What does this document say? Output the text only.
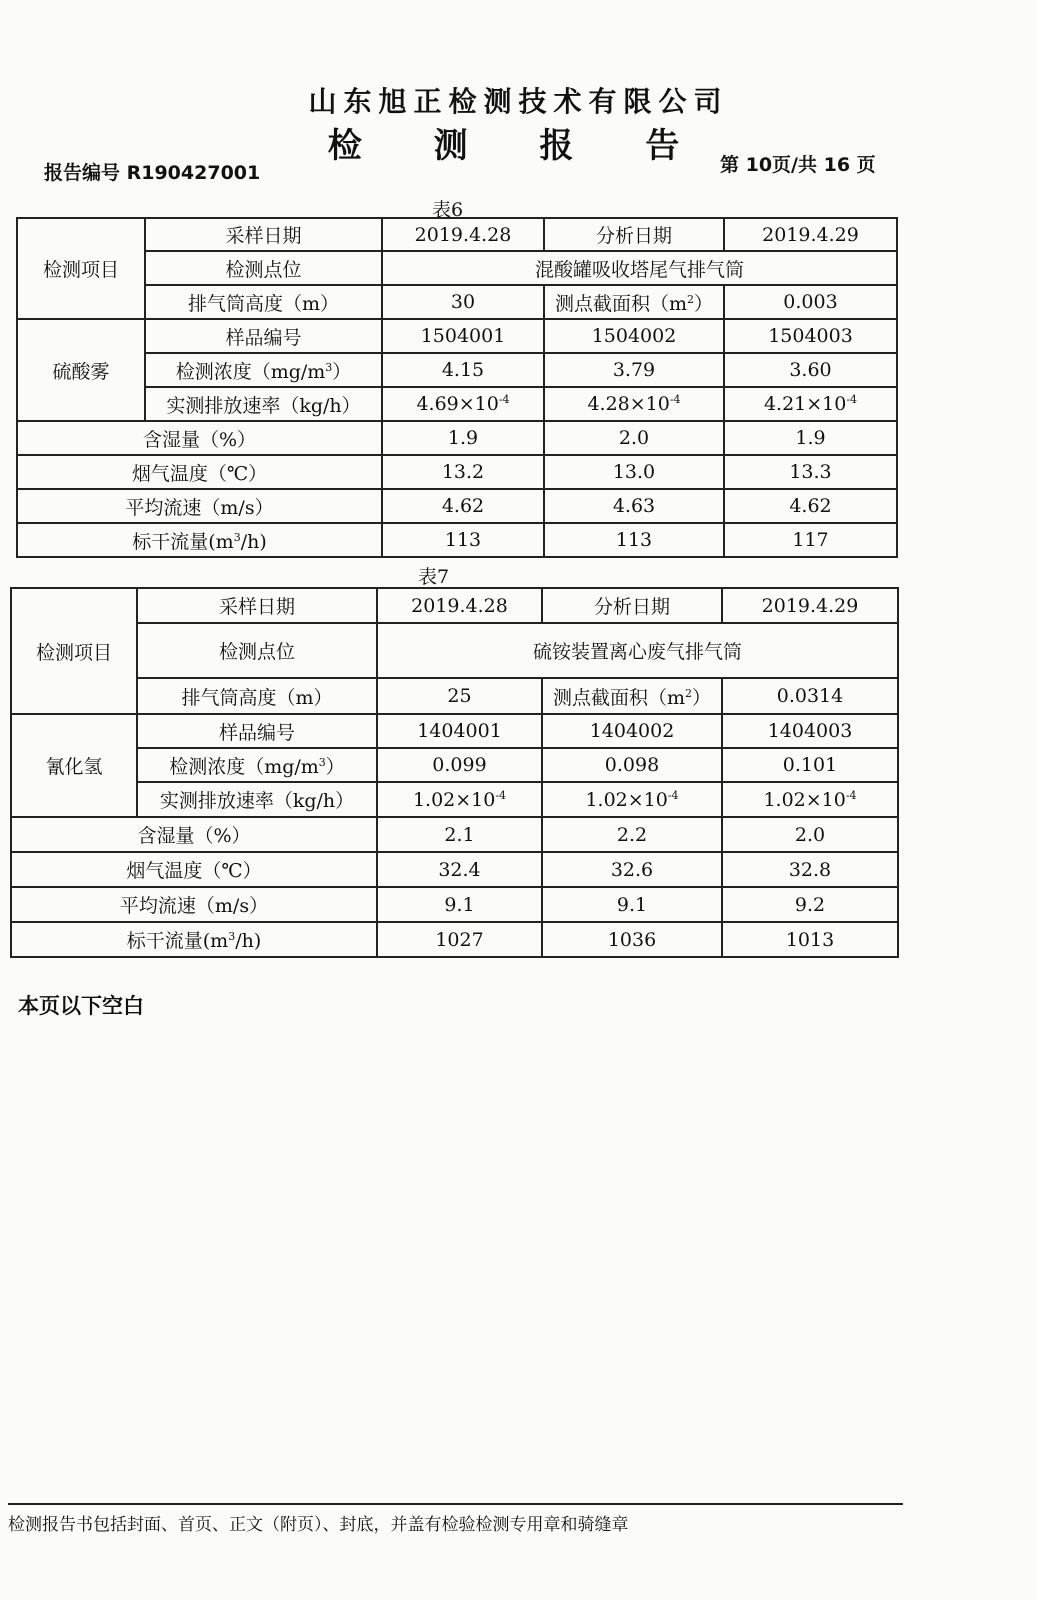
山东旭正检测技术有限公司
检 测 报 告
报告编号 R190427001	第 10页/共 16 页
表6
检测项目	采样日期	2019.4.28	分析日期	2019.4.29
	检测点位	混酸罐吸收塔尾气排气筒		
	排气筒高度（m）	30	测点截面积$(m^2)$	0.003
硫酸雾	样品编号	1504001	1504002	1504003
	检测浓度$(mg/m^3)$	4.15	3.79	3.60
	实测排放速率（kg/h）	$4.69\times 10^{-4}$	$4.28\times 10^{-4}$	$4.21\times 10^{-4}$
含湿量（%）		1.9	2.0	1.9
烟气温度（℃）		13.2	13.0	13.3
平均流速（m/s）		4.62	4.63	4.62
标干流量$(m^3/h)$		113	113	117
表7
检测项目	采样日期	2019.4.28	分析日期	2019.4.29
	检测点位	硫铵装置离心废气排气筒		
	排气筒高度（m）	25	测点截面积$(m^2)$	0.0314
氰化氢	样品编号	1404001	1404002	1404003
	检测浓度$(mg/m^3)$	0.099	0.098	0.101
	实测排放速率（kg/h）	$1.02\times 10^{-4}$	$1.02\times 10^{-4}$	$1.02\times 10^{-4}$
含湿量（%）		2.1	2.2	2.0
烟气温度（℃）		32.4	32.6	32.8
平均流速（m/s）		9.1	9.1	9.2
标干流量$(m^3/h)$		1027	1036	1013
本页以下空白
检测报告书包括封面、首页、正文（附页）、封底，并盖有检验检测专用章和骑缝章
